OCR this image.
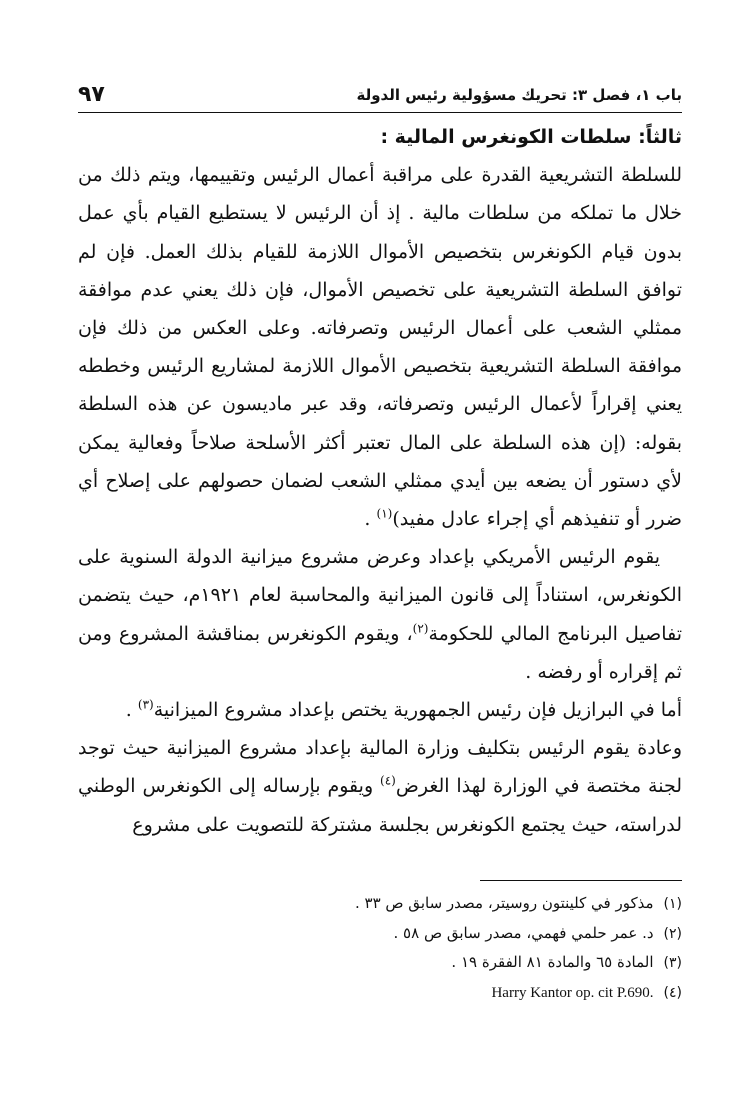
باب ١، فصل ٣: تحريك مسؤولية رئيس الدولة
٩٧

ثالثاً: سلطات الكونغرس المالية :

للسلطة التشريعية القدرة على مراقبة أعمال الرئيس وتقييمها، ويتم ذلك من خلال ما تملكه من سلطات مالية . إذ أن الرئيس لا يستطيع القيام بأي عمل بدون قيام الكونغرس بتخصيص الأموال اللازمة للقيام بذلك العمل. فإن لم توافق السلطة التشريعية على تخصيص الأموال، فإن ذلك يعني عدم موافقة ممثلي الشعب على أعمال الرئيس وتصرفاته. وعلى العكس من ذلك فإن موافقة السلطة التشريعية بتخصيص الأموال اللازمة لمشاريع الرئيس وخططه يعني إقراراً لأعمال الرئيس وتصرفاته، وقد عبر ماديسون عن هذه السلطة بقوله: (إن هذه السلطة على المال تعتبر أكثر الأسلحة صلاحاً وفعالية يمكن لأي دستور أن يضعه بين أيدي ممثلي الشعب لضمان حصولهم على إصلاح أي ضرر أو تنفيذهم أي إجراء عادل مفيد)$^{(١)}$ .

يقوم الرئيس الأمريكي بإعداد وعرض مشروع ميزانية الدولة السنوية على الكونغرس، استناداً إلى قانون الميزانية والمحاسبة لعام ١٩٢١م، حيث يتضمن تفاصيل البرنامج المالي للحكومة$^{(٢)}$، ويقوم الكونغرس بمناقشة المشروع ومن ثم إقراره أو رفضه .

أما في البرازيل فإن رئيس الجمهورية يختص بإعداد مشروع الميزانية$^{(٣)}$ .

وعادة يقوم الرئيس بتكليف وزارة المالية بإعداد مشروع الميزانية حيث توجد لجنة مختصة في الوزارة لهذا الغرض$^{(٤)}$ ويقوم بإرساله إلى الكونغرس الوطني لدراسته، حيث يجتمع الكونغرس بجلسة مشتركة للتصويت على مشروع

(١)مذكور في كلينتون روسيتر، مصدر سابق ص ٣٣ .
(٢)د. عمر حلمي فهمي، مصدر سابق ص ٥٨ .
(٣)المادة ٦٥ والمادة ٨١ الفقرة ١٩ .
(٤)Harry Kantor op. cit P.690.
